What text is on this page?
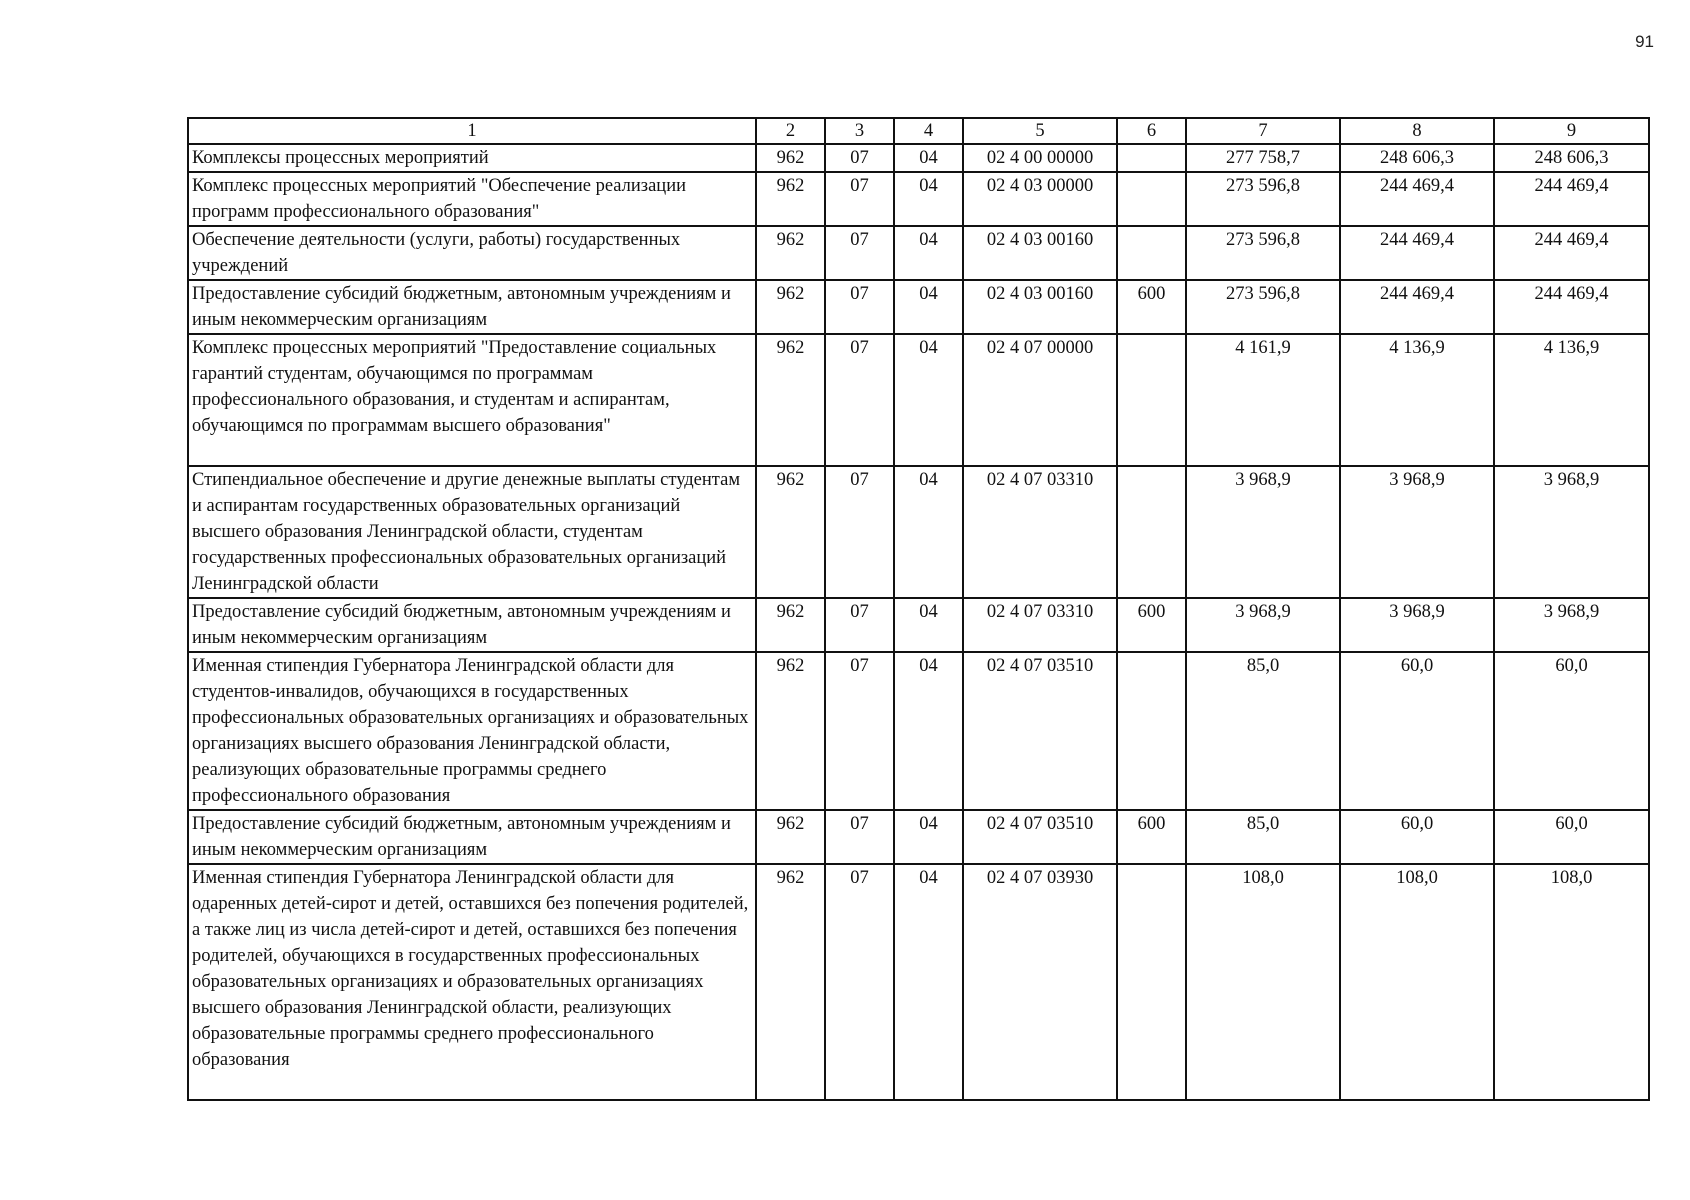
91
1	2	3	4	5	6	7	8	9
Комплексы процессных мероприятий	962	07	04	02 4 00 00000		277 758,7	248 606,3	248 606,3
Комплекс процессных мероприятий "Обеспечение реализации программ профессионального образования"	962	07	04	02 4 03 00000		273 596,8	244 469,4	244 469,4
Обеспечение деятельности (услуги, работы) государственных учреждений	962	07	04	02 4 03 00160		273 596,8	244 469,4	244 469,4
Предоставление субсидий бюджетным, автономным учреждениям и иным некоммерческим организациям	962	07	04	02 4 03 00160	600	273 596,8	244 469,4	244 469,4
Комплекс процессных мероприятий "Предоставление социальных гарантий студентам, обучающимся по программам профессионального образования, и студентам и аспирантам, обучающимся по программам высшего образования"	962	07	04	02 4 07 00000		4 161,9	4 136,9	4 136,9
Стипендиальное обеспечение и другие денежные выплаты студентам и аспирантам государственных образовательных организаций высшего образования Ленинградской области, студентам государственных профессиональных образовательных организаций Ленинградской области	962	07	04	02 4 07 03310		3 968,9	3 968,9	3 968,9
Предоставление субсидий бюджетным, автономным учреждениям и иным некоммерческим организациям	962	07	04	02 4 07 03310	600	3 968,9	3 968,9	3 968,9
Именная стипендия Губернатора Ленинградской области для студентов-инвалидов, обучающихся в государственных профессиональных образовательных организациях и образовательных организациях высшего образования Ленинградской области, реализующих образовательные программы среднего профессионального образования	962	07	04	02 4 07 03510		85,0	60,0	60,0
Предоставление субсидий бюджетным, автономным учреждениям и иным некоммерческим организациям	962	07	04	02 4 07 03510	600	85,0	60,0	60,0
Именная стипендия Губернатора Ленинградской области для одаренных детей-сирот и детей, оставшихся без попечения родителей, а также лиц из числа детей-сирот и детей, оставшихся без попечения родителей, обучающихся в государственных профессиональных образовательных организациях и образовательных организациях высшего образования Ленинградской области, реализующих образовательные программы среднего профессионального образования	962	07	04	02 4 07 03930		108,0	108,0	108,0
